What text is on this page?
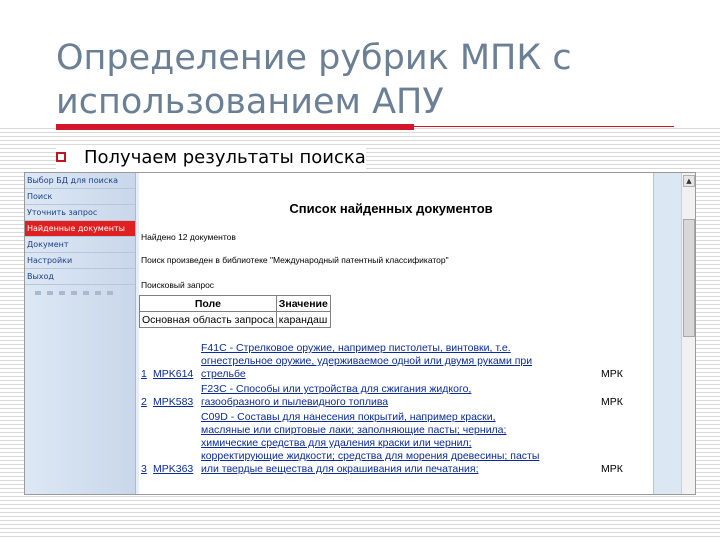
Определение рубрик МПК с использованием АПУ
Получаем результаты поиска
Выбор БД для поиска
Поиск
Уточнить запрос
Найденные документы
Документ
Настройки
Выход
Список найденных документов
Найдено 12 документов
Поиск произведен в библиотеке "Международный патентный классификатор"
Поисковый запрос
Поле	Значение
Основная область запроса	карандаш
1	MPK614	F41C - Стрелковое оружие, например пистолеты, винтовки, т.е.
огнестрельное оружие, удерживаемое одной или двумя руками при
стрельбе	МРК
2	MPK583	F23C - Способы или устройства для сжигания жидкого,
газообразного и пылевидного топлива	МРК
3	MPK363	C09D - Составы для нанесения покрытий, например краски,
масляные или спиртовые лаки; заполняющие пасты; чернила;
химические средства для удаления краски или чернил;
корректирующие жидкости; средства для морения древесины; пасты
или твердые вещества для окрашивания или печатания;	МРК
▲
